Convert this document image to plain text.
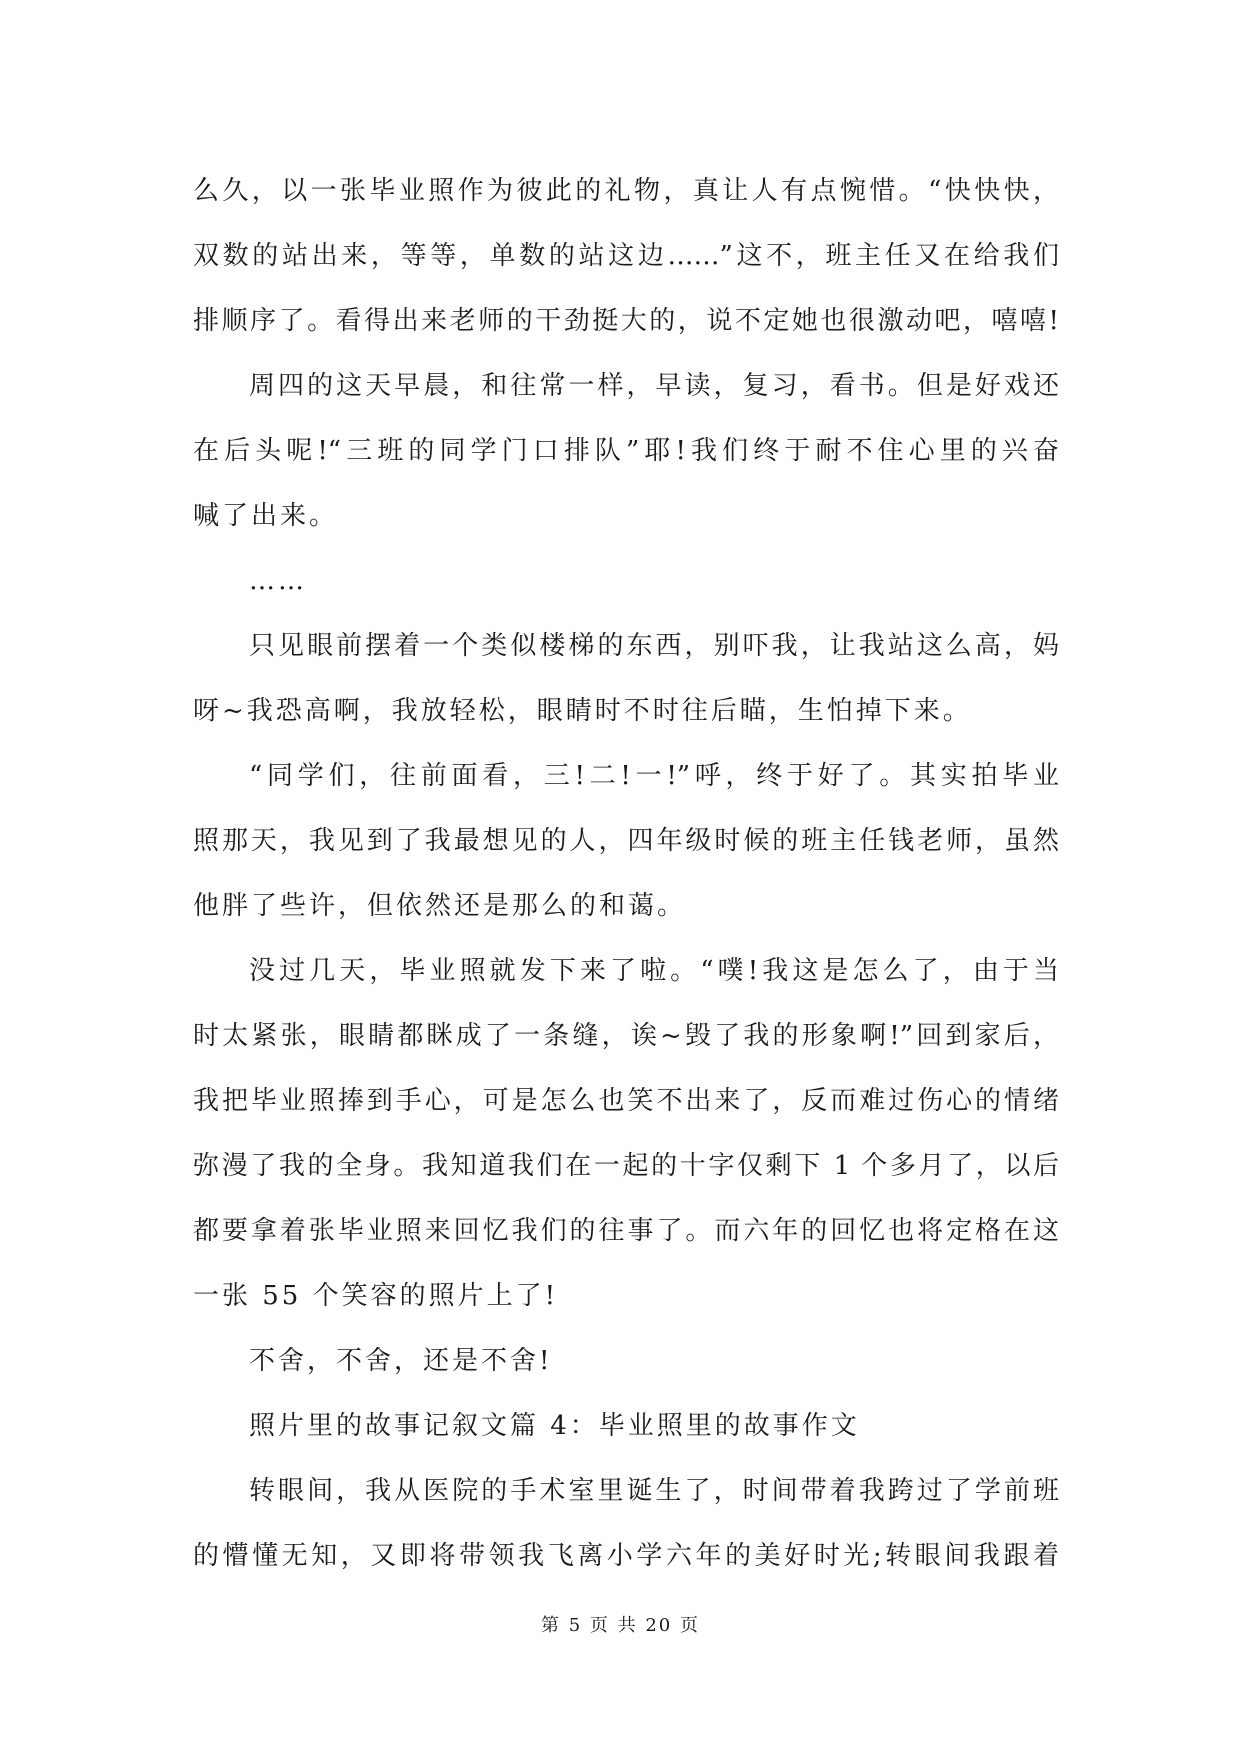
么久，以一张毕业照作为彼此的礼物，真让人有点惋惜。“快快快，
双数的站出来，等等，单数的站这边……”这不，班主任又在给我们
排顺序了。看得出来老师的干劲挺大的，说不定她也很激动吧，嘻嘻!
周四的这天早晨，和往常一样，早读，复习，看书。但是好戏还
在后头呢!“三班的同学门口排队”耶!我们终于耐不住心里的兴奋
喊了出来。
……
只见眼前摆着一个类似楼梯的东西，别吓我，让我站这么高，妈
呀~我恐高啊，我放轻松，眼睛时不时往后瞄，生怕掉下来。
“同学们，往前面看，三!二!一!”呼，终于好了。其实拍毕业
照那天，我见到了我最想见的人，四年级时候的班主任钱老师，虽然
他胖了些许，但依然还是那么的和蔼。
没过几天，毕业照就发下来了啦。“噗!我这是怎么了，由于当
时太紧张，眼睛都眯成了一条缝，诶~毁了我的形象啊!”回到家后，
我把毕业照捧到手心，可是怎么也笑不出来了，反而难过伤心的情绪
弥漫了我的全身。我知道我们在一起的十字仅剩下 1 个多月了，以后
都要拿着张毕业照来回忆我们的往事了。而六年的回忆也将定格在这
一张 55 个笑容的照片上了!
不舍，不舍，还是不舍!
照片里的故事记叙文篇 4：毕业照里的故事作文
转眼间，我从医院的手术室里诞生了，时间带着我跨过了学前班
的懵懂无知，又即将带领我飞离小学六年的美好时光;转眼间我跟着
第 5 页 共 20 页
